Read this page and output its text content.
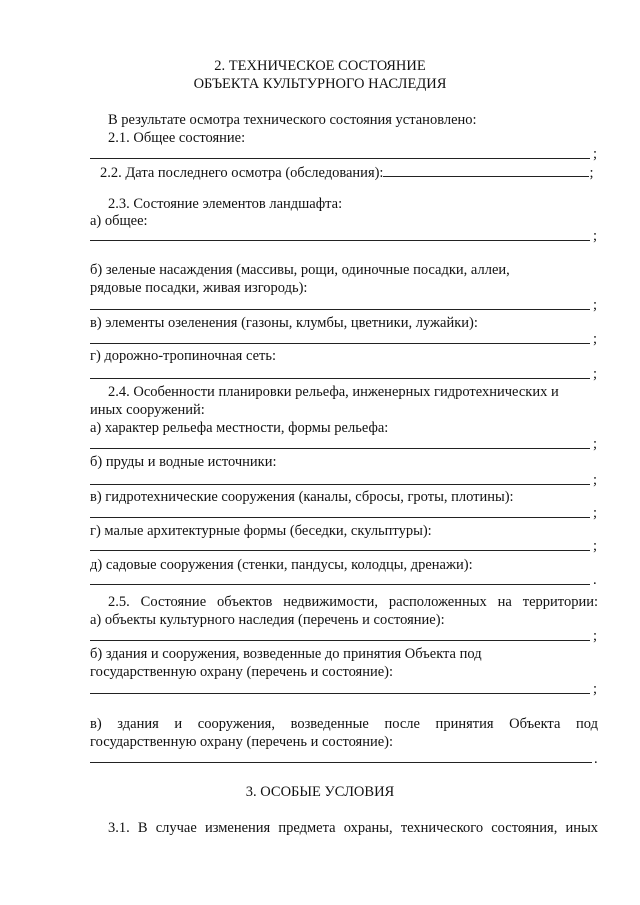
2. ТЕХНИЧЕСКОЕ СОСТОЯНИЕ
ОБЪЕКТА КУЛЬТУРНОГО НАСЛЕДИЯ
В результате осмотра технического состояния установлено:
2.1. Общее состояние:
;
2.2. Дата последнего осмотра (обследования):	;
2.3. Состояние элементов ландшафта:
а) общее:
;
б) зеленые насаждения (массивы, рощи, одиночные посадки, аллеи,
рядовые посадки, живая изгородь):
;
в) элементы озеленения (газоны, клумбы, цветники, лужайки):
;
г) дорожно-тропиночная сеть:
;
2.4. Особенности планировки рельефа, инженерных гидротехнических и
иных сооружений:
а) характер рельефа местности, формы рельефа:
;
б) пруды и водные источники:
;
в) гидротехнические сооружения (каналы, сбросы, гроты, плотины):
;
г) малые архитектурные формы (беседки, скульптуры):
;
д) садовые сооружения (стенки, пандусы, колодцы, дренажи):
.
2.5. Состояние объектов недвижимости, расположенных на территории:
а) объекты культурного наследия (перечень и состояние):
;
б) здания и сооружения, возведенные до принятия Объекта под
государственную охрану (перечень и состояние):
;
в) здания и сооружения, возведенные после принятия Объекта под
государственную охрану (перечень и состояние):
.
3. ОСОБЫЕ УСЛОВИЯ
3.1. В случае изменения предмета охраны, технического состояния, иных
